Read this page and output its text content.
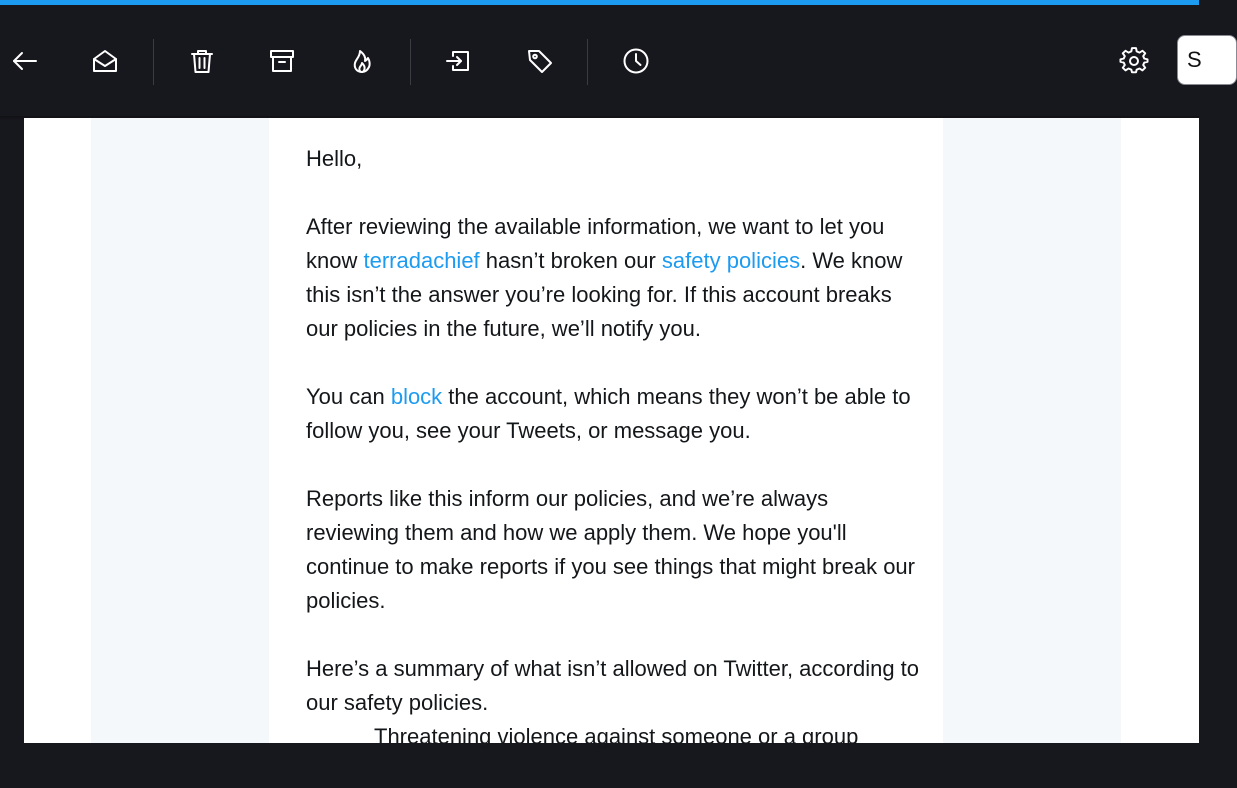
S

Hello,

After reviewing the available information, we want to let you know terradachief hasn’t broken our safety policies. We know this isn’t the answer you’re looking for. If this account breaks our policies in the future, we’ll notify you.

You can block the account, which means they won’t be able to follow you, see your Tweets, or message you.

Reports like this inform our policies, and we’re always reviewing them and how we apply them. We hope you'll continue to make reports if you see things that might break our policies.

Here’s a summary of what isn’t allowed on Twitter, according to our safety policies.

Threatening violence against someone or a group
